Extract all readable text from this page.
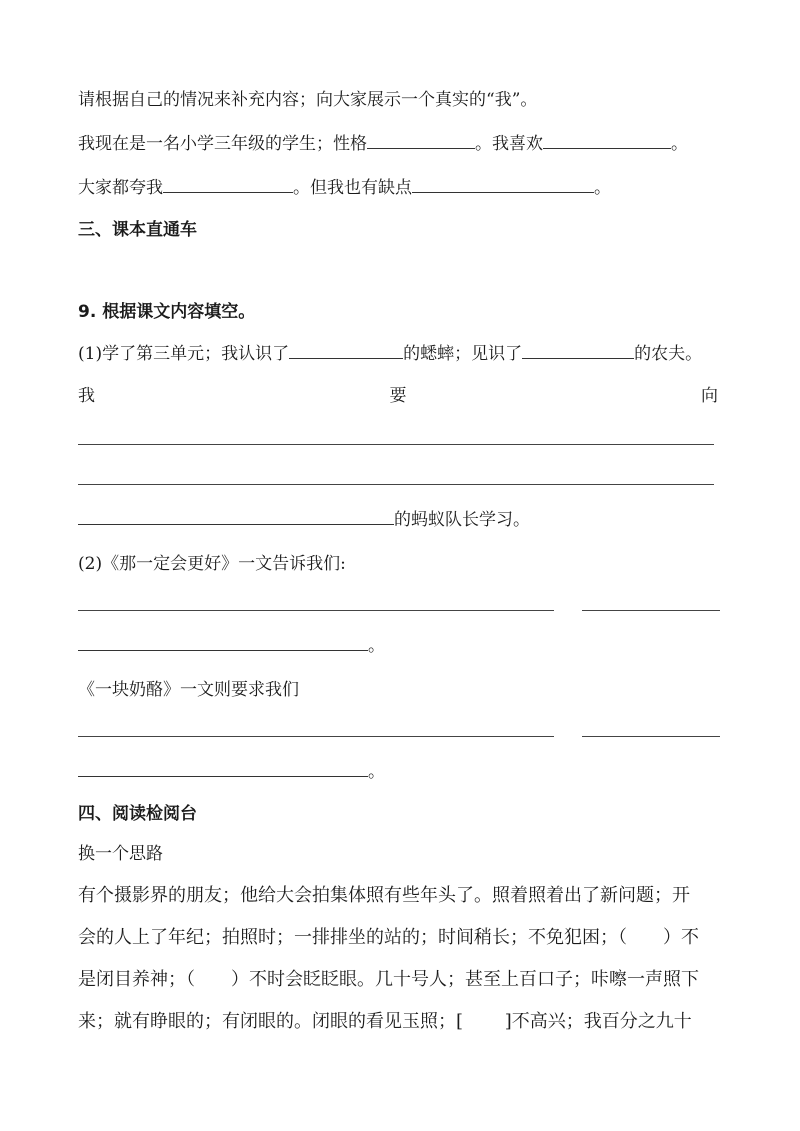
请根据自己的情况来补充内容；向大家展示一个真实的“我”。
我现在是一名小学三年级的学生；性格	。我喜欢	。
大家都夸我	。但我也有缺点	。
三、课本直通车
9. 根据课文内容填空。
(1)学了第三单元；我认识了	的蟋蟀；见识了	的农夫。
我	要	向
的蚂蚁队长学习。
(2)《那一定会更好》一文告诉我们:
。
《一块奶酪》一文则要求我们
。
四、阅读检阅台
换一个思路
有个摄影界的朋友；他给大会拍集体照有些年头了。照着照着出了新问题；开
会的人上了年纪；拍照时；一排排坐的站的；时间稍长；不免犯困；（　　）不
是闭目养神；（　　）不时会眨眨眼。几十号人；甚至上百口子；咔嚓一声照下
来；就有睁眼的；有闭眼的。闭眼的看见玉照；[　　 ]不高兴；我百分之九十
